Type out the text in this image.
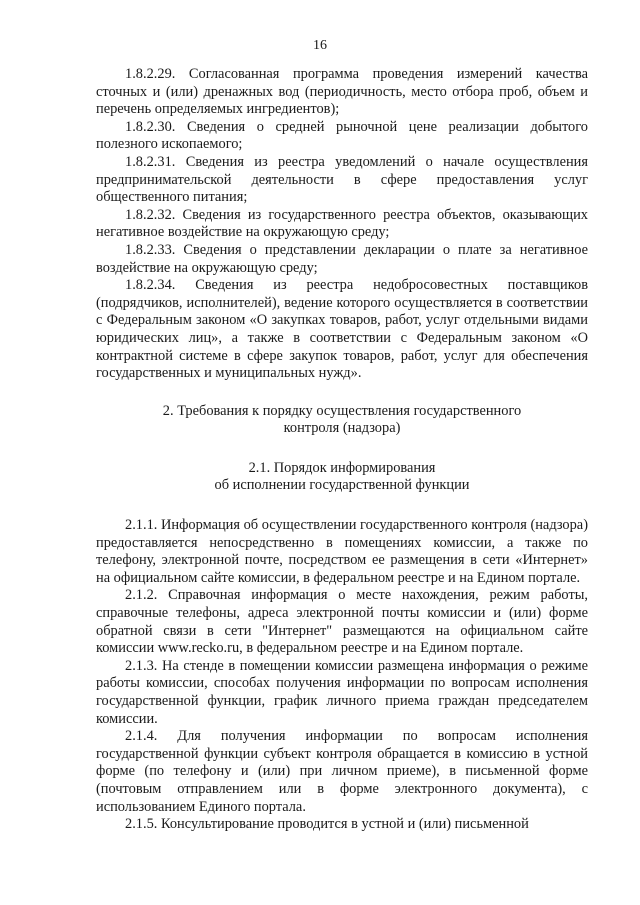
16

1.8.2.29. Согласованная программа проведения измерений качества сточных и (или) дренажных вод (периодичность, место отбора проб, объем и перечень определяемых ингредиентов);

1.8.2.30. Сведения о средней рыночной цене реализации добытого полезного ископаемого;

1.8.2.31. Сведения из реестра уведомлений о начале осуществления предпринимательской деятельности в сфере предоставления услуг общественного питания;

1.8.2.32. Сведения из государственного реестра объектов, оказывающих негативное воздействие на окружающую среду;

1.8.2.33. Сведения о представлении декларации о плате за негативное воздействие на окружающую среду;

1.8.2.34. Сведения из реестра недобросовестных поставщиков (подрядчиков, исполнителей), ведение которого осуществляется в соответствии с Федеральным законом «О закупках товаров, работ, услуг отдельными видами юридических лиц», а также в соответствии с Федеральным законом «О контрактной системе в сфере закупок товаров, работ, услуг для обеспечения государственных и муниципальных нужд».

2. Требования к порядку осуществления государственного
контроля (надзора)
2.1. Порядок информирования
об исполнении государственной функции

2.1.1. Информация об осуществлении государственного контроля (надзора) предоставляется непосредственно в помещениях комиссии, а также по телефону, электронной почте, посредством ее размещения в сети «Интернет» на официальном сайте комиссии, в федеральном реестре и на Едином портале.

2.1.2. Справочная информация о месте нахождения, режим работы, справочные телефоны, адреса электронной почты комиссии и (или) форме обратной связи в сети "Интернет" размещаются на официальном сайте комиссии www.recko.ru, в федеральном реестре и на Едином портале.

2.1.3. На стенде в помещении комиссии размещена информация о режиме работы комиссии, способах получения информации по вопросам исполнения государственной функции, график личного приема граждан председателем комиссии.

2.1.4. Для получения информации по вопросам исполнения государственной функции субъект контроля обращается в комиссию в устной форме (по телефону и (или) при личном приеме), в письменной форме (почтовым отправлением или в форме электронного документа), с использованием Единого портала.

2.1.5. Консультирование проводится в устной и (или) письменной
